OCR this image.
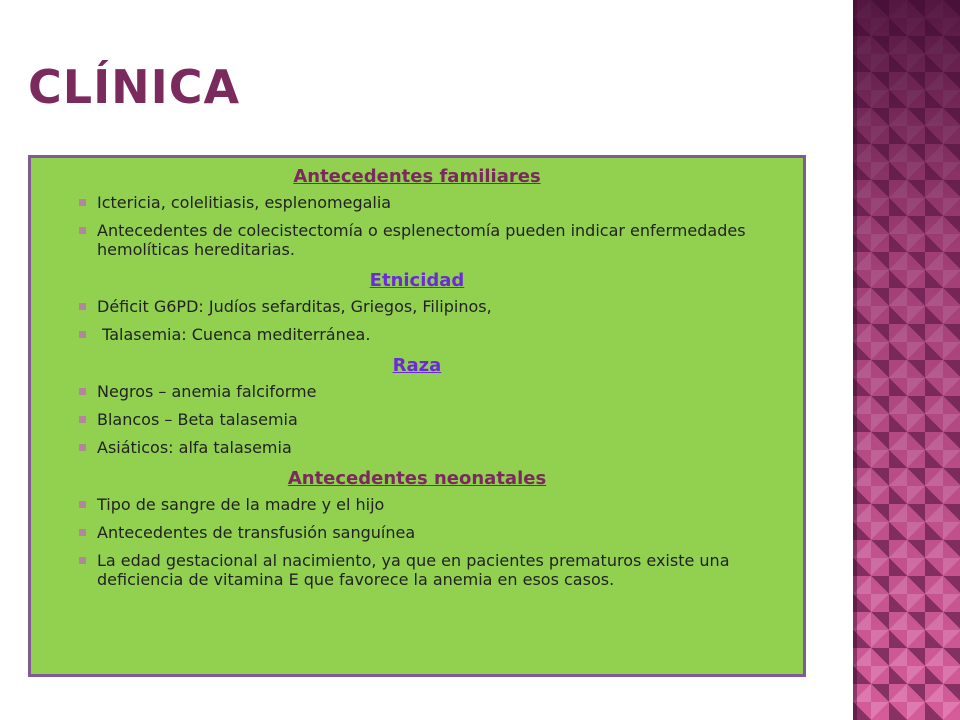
CLÍNICA
Antecedentes familiares
Ictericia, colelitiasis, esplenomegalia
Antecedentes de colecistectomía o esplenectomía pueden indicar enfermedades hemolíticas hereditarias.
Etnicidad
Déficit G6PD: Judíos sefarditas, Griegos, Filipinos,
Talasemia: Cuenca mediterránea.
Raza
Negros – anemia falciforme
Blancos – Beta talasemia
Asiáticos: alfa talasemia
Antecedentes neonatales
Tipo de sangre de la madre y el hijo
Antecedentes de transfusión sanguínea
La edad gestacional al nacimiento, ya que en pacientes prematuros existe una deficiencia de vitamina E que favorece la anemia en esos casos.
